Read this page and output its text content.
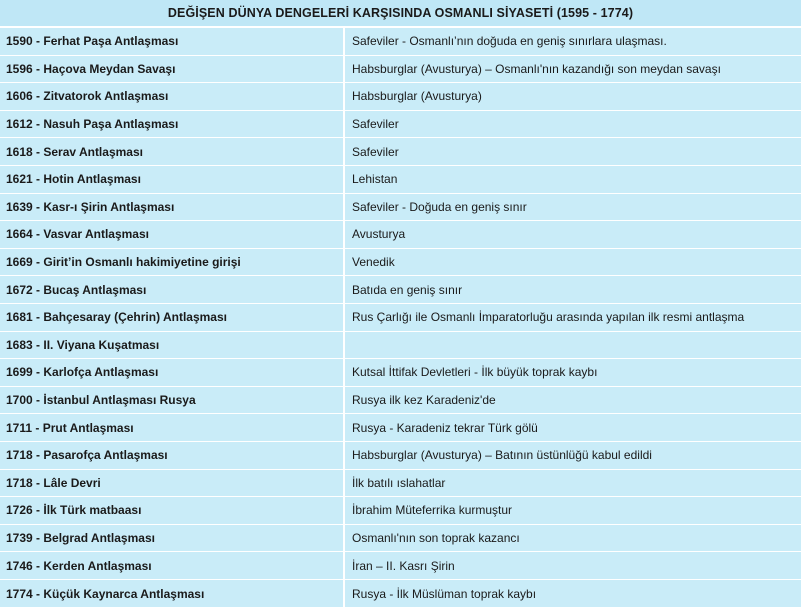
DEĞİŞEN DÜNYA DENGELERİ KARŞISINDA OSMANLI SİYASETİ (1595 - 1774)
1590 - Ferhat Paşa Antlaşması	Safeviler - Osmanlı’nın doğuda en geniş sınırlara ulaşması.
1596 - Haçova Meydan Savaşı	Habsburglar (Avusturya) – Osmanlı'nın kazandığı son meydan savaşı
1606 - Zitvatorok Antlaşması	Habsburglar (Avusturya)
1612 - Nasuh Paşa Antlaşması	Safeviler
1618 - Serav Antlaşması	Safeviler
1621 - Hotin Antlaşması	Lehistan
1639 - Kasr-ı Şirin Antlaşması	Safeviler - Doğuda en geniş sınır
1664 - Vasvar Antlaşması	Avusturya
1669 - Girit’in Osmanlı hakimiyetine girişi	Venedik
1672 - Bucaş Antlaşması	Batıda en geniş sınır
1681 - Bahçesaray (Çehrin) Antlaşması	Rus Çarlığı ile Osmanlı İmparatorluğu arasında yapılan ilk resmi antlaşma
1683 - II. Viyana Kuşatması
1699 - Karlofça Antlaşması	Kutsal İttifak Devletleri - İlk büyük toprak kaybı
1700 - İstanbul Antlaşması Rusya	Rusya ilk kez Karadeniz'de
1711 - Prut Antlaşması	Rusya - Karadeniz tekrar Türk gölü
1718 - Pasarofça Antlaşması	Habsburglar (Avusturya) – Batının üstünlüğü kabul edildi
1718 - Lâle Devri	İlk batılı ıslahatlar
1726 - İlk Türk matbaası	İbrahim Müteferrika kurmuştur
1739 - Belgrad Antlaşması	Osmanlı'nın son toprak kazancı
1746 - Kerden Antlaşması	İran – II. Kasrı Şirin
1774 - Küçük Kaynarca Antlaşması	Rusya - İlk Müslüman toprak kaybı
